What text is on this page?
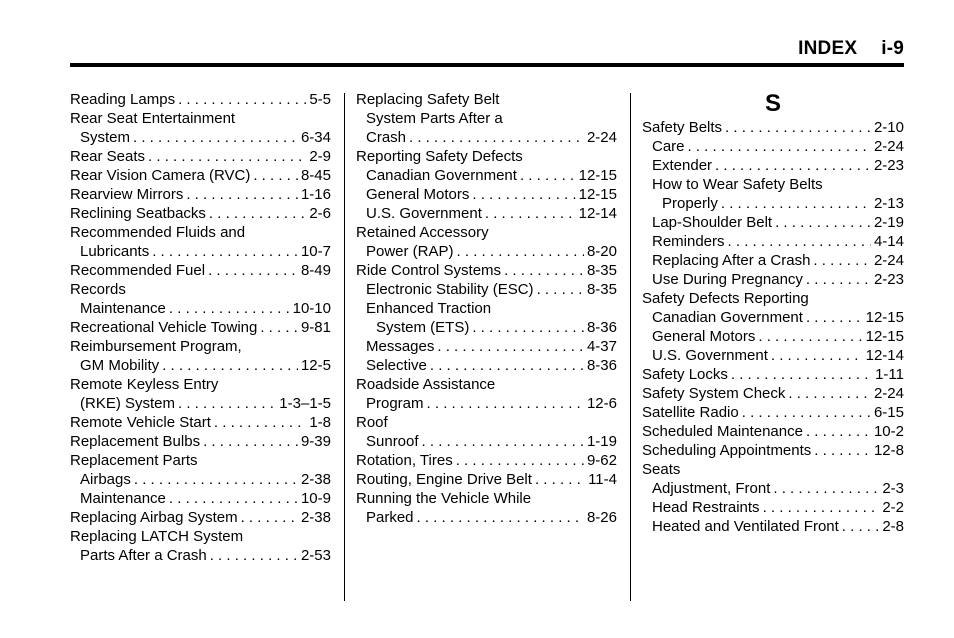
INDEX i-9
Reading Lamps . . .	5-5
Rear Seat Entertainment
System . . .	6-34
Rear Seats . . .	2-9
Rear Vision Camera (RVC) . . .	8-45
Rearview Mirrors . . .	1-16
Reclining Seatbacks . . .	2-6
Recommended Fluids and
Lubricants . . .	10-7
Recommended Fuel . . .	8-49
Records
Maintenance . . .	10-10
Recreational Vehicle Towing . . .	9-81
Reimbursement Program,
GM Mobility . . .	12-5
Remote Keyless Entry
(RKE) System . . .	1-3–1-5
Remote Vehicle Start . . .	1-8
Replacement Bulbs . . .	9-39
Replacement Parts
Airbags . . .	2-38
Maintenance . . .	10-9
Replacing Airbag System . . .	2-38
Replacing LATCH System
Parts After a Crash . . .	2-53
Replacing Safety Belt
System Parts After a
Crash . . .	2-24
Reporting Safety Defects
Canadian Government . . .	12-15
General Motors . . .	12-15
U.S. Government . . .	12-14
Retained Accessory
Power (RAP) . . .	8-20
Ride Control Systems . . .	8-35
Electronic Stability (ESC) . . .	8-35
Enhanced Traction
System (ETS) . . .	8-36
Messages . . .	4-37
Selective . . .	8-36
Roadside Assistance
Program . . .	12-6
Roof
Sunroof . . .	1-19
Rotation, Tires . . .	9-62
Routing, Engine Drive Belt . . .	11-4
Running the Vehicle While
Parked . . .	8-26
S
Safety Belts . . .	2-10
Care . . .	2-24
Extender . . .	2-23
How to Wear Safety Belts
Properly . . .	2-13
Lap-Shoulder Belt . . .	2-19
Reminders . . .	4-14
Replacing After a Crash . . .	2-24
Use During Pregnancy . . .	2-23
Safety Defects Reporting
Canadian Government . . .	12-15
General Motors . . .	12-15
U.S. Government . . .	12-14
Safety Locks . . .	1-11
Safety System Check . . .	2-24
Satellite Radio . . .	6-15
Scheduled Maintenance . . .	10-2
Scheduling Appointments . . .	12-8
Seats
Adjustment, Front . . .	2-3
Head Restraints . . .	2-2
Heated and Ventilated Front . . .	2-8
